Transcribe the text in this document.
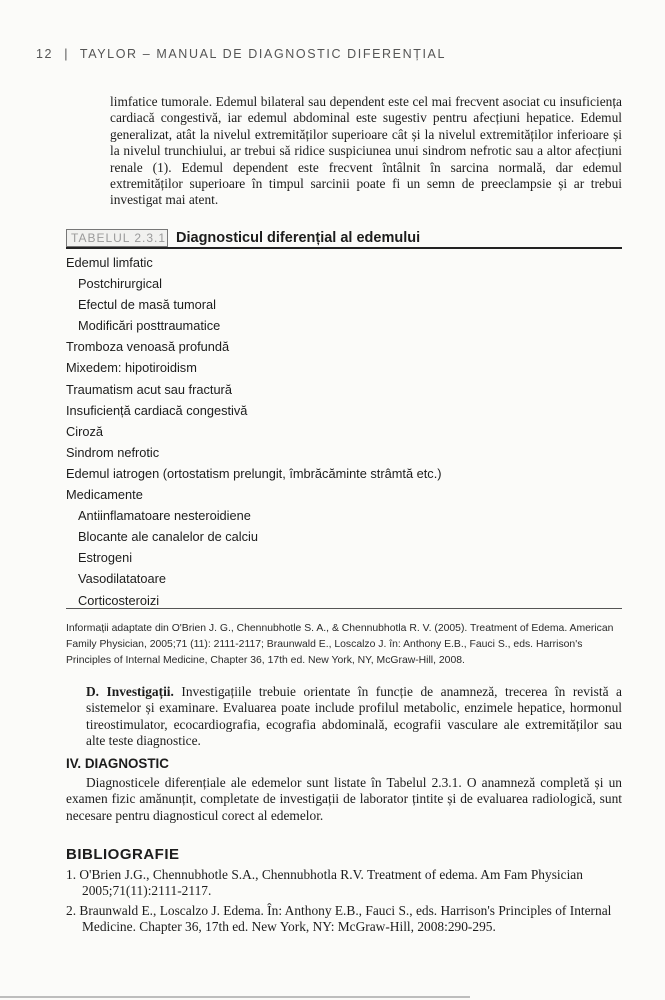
12 | TAYLOR – MANUAL DE DIAGNOSTIC DIFERENȚIAL

limfatice tumorale. Edemul bilateral sau dependent este cel mai frecvent asociat cu insuficiența cardiacă congestivă, iar edemul abdominal este sugestiv pentru afecțiuni hepatice. Edemul generalizat, atât la nivelul extremităților superioare cât și la nivelul extremităților inferioare și la nivelul trunchiului, ar trebui să ridice suspiciunea unui sindrom nefrotic sau a altor afecțiuni renale (1). Edemul dependent este frecvent întâlnit în sarcina normală, dar edemul extremităților superioare în timpul sarcinii poate fi un semn de preeclampsie și ar trebui investigat mai atent.

TABELUL 2.3.1 Diagnosticul diferențial al edemului
Edemul limfatic
Postchirurgical
Efectul de masă tumoral
Modificări posttraumatice
Tromboza venoasă profundă
Mixedem: hipotiroidism
Traumatism acut sau fractură
Insuficiență cardiacă congestivă
Ciroză
Sindrom nefrotic
Edemul iatrogen (ortostatism prelungit, îmbrăcăminte strâmtă etc.)
Medicamente
Antiinflamatoare nesteroidiene
Blocante ale canalelor de calciu
Estrogeni
Vasodilatatoare
Corticosteroizi

Informații adaptate din O'Brien J. G., Chennubhotle S. A., & Chennubhotla R. V. (2005). Treatment of Edema. American Family Physician, 2005;71 (11): 2111-2117; Braunwald E., Loscalzo J. în: Anthony E.B., Fauci S., eds. Harrison's Principles of Internal Medicine, Chapter 36, 17th ed. New York, NY, McGraw-Hill, 2008.

D. Investigații. Investigațiile trebuie orientate în funcție de anamneză, trecerea în revistă a sistemelor și examinare. Evaluarea poate include profilul metabolic, enzimele hepatice, hormonul tireostimulator, ecocardiografia, ecografia abdominală, ecografii vasculare ale extremităților sau alte teste diagnostice.

IV. DIAGNOSTIC

Diagnosticele diferențiale ale edemelor sunt listate în Tabelul 2.3.1. O anamneză completă și un examen fizic amănunțit, completate de investigații de laborator țintite și de evaluarea radiologică, sunt necesare pentru diagnosticul corect al edemelor.

BIBLIOGRAFIE

1. O'Brien J.G., Chennubhotle S.A., Chennubhotla R.V. Treatment of edema. Am Fam Physician 2005;71(11):2111-2117.

2. Braunwald E., Loscalzo J. Edema. În: Anthony E.B., Fauci S., eds. Harrison's Principles of Internal Medicine. Chapter 36, 17th ed. New York, NY: McGraw-Hill, 2008:290-295.
